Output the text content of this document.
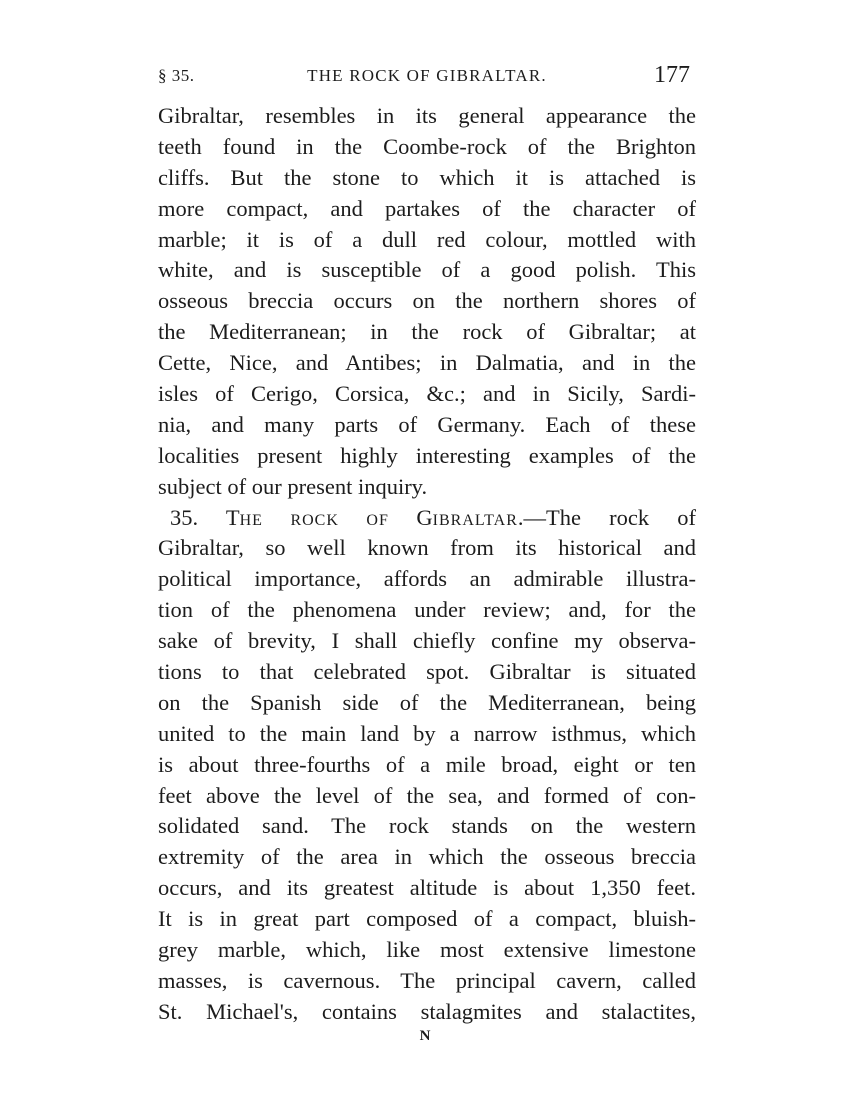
§ 35.	THE ROCK OF GIBRALTAR.	177
Gibraltar, resembles in its general appearance the
teeth found in the Coombe-rock of the Brighton
cliffs. But the stone to which it is attached is
more compact, and partakes of the character of
marble; it is of a dull red colour, mottled with
white, and is susceptible of a good polish. This
osseous breccia occurs on the northern shores of
the Mediterranean; in the rock of Gibraltar; at
Cette, Nice, and Antibes; in Dalmatia, and in the
isles of Cerigo, Corsica, &c.; and in Sicily, Sardi-
nia, and many parts of Germany. Each of these
localities present highly interesting examples of the
subject of our present inquiry.
35. THE ROCK OF GIBRALTAR.—The rock of
Gibraltar, so well known from its historical and
political importance, affords an admirable illustra-
tion of the phenomena under review; and, for the
sake of brevity, I shall chiefly confine my observa-
tions to that celebrated spot. Gibraltar is situated
on the Spanish side of the Mediterranean, being
united to the main land by a narrow isthmus, which
is about three-fourths of a mile broad, eight or ten
feet above the level of the sea, and formed of con-
solidated sand. The rock stands on the western
extremity of the area in which the osseous breccia
occurs, and its greatest altitude is about 1,350 feet.
It is in great part composed of a compact, bluish-
grey marble, which, like most extensive limestone
masses, is cavernous. The principal cavern, called
St. Michael's, contains stalagmites and stalactites,
N
